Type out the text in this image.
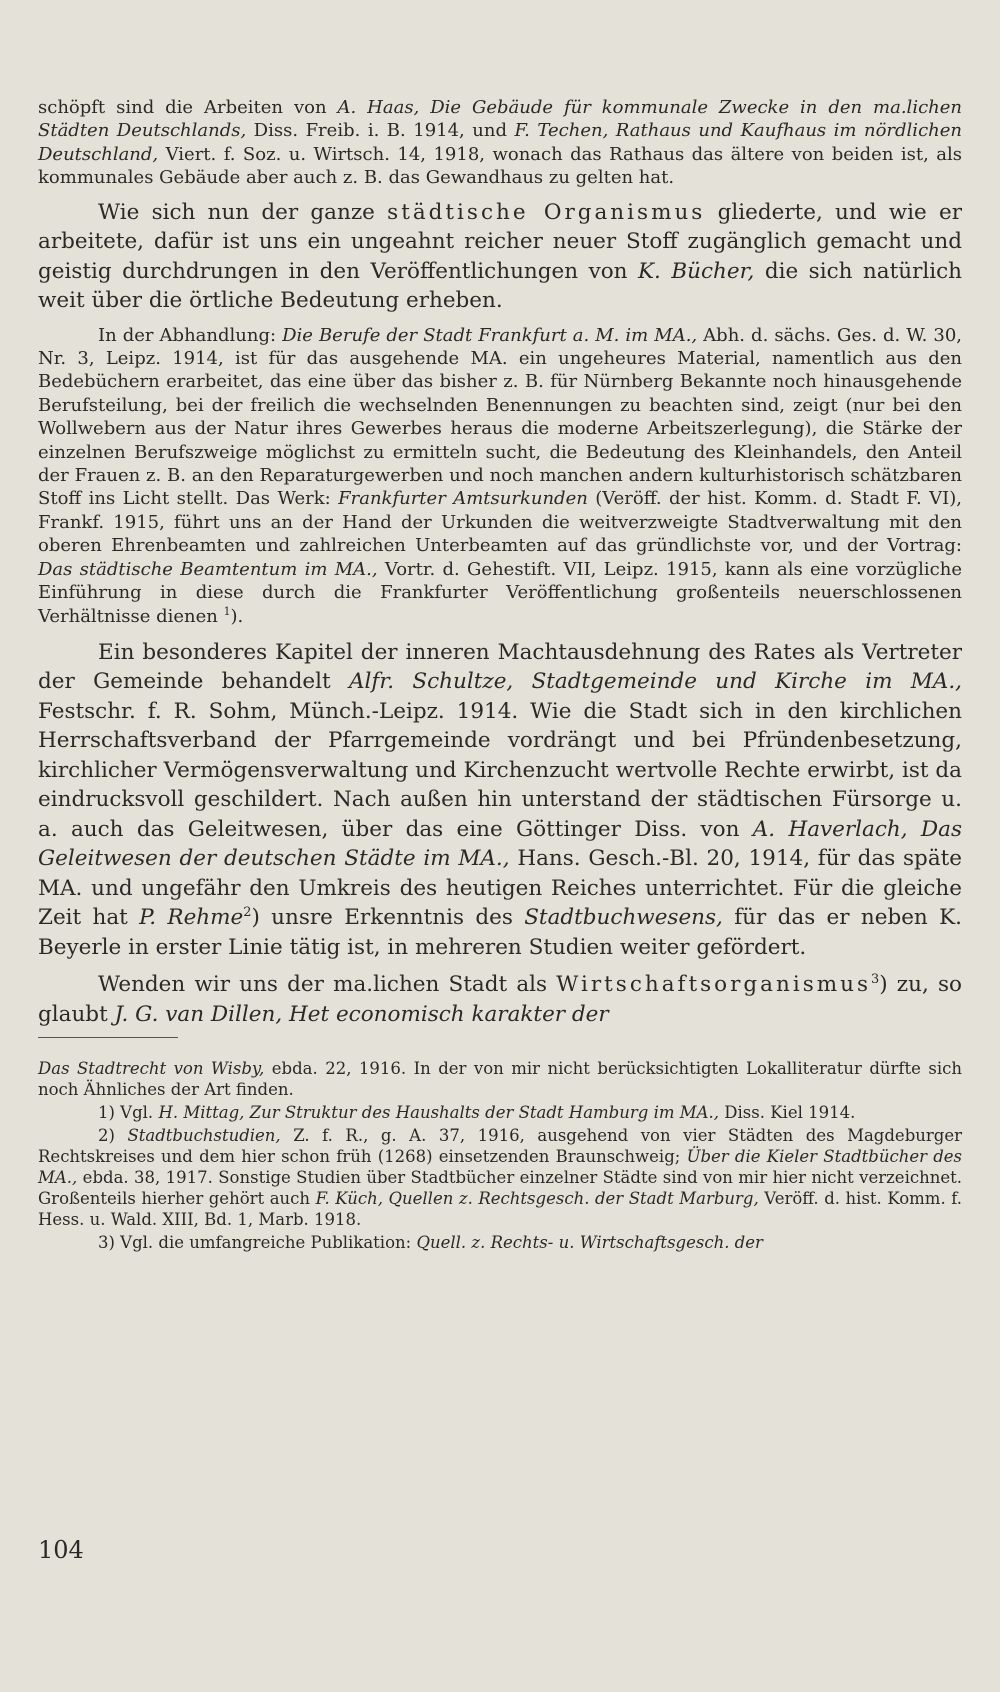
schöpft sind die Arbeiten von A. Haas, Die Gebäude für kommunale Zwecke in den ma.lichen Städten Deutschlands, Diss. Freib. i. B. 1914, und F. Techen, Rathaus und Kaufhaus im nördlichen Deutschland, Viert. f. Soz. u. Wirtsch. 14, 1918, wonach das Rathaus das ältere von beiden ist, als kommunales Gebäude aber auch z. B. das Gewandhaus zu gelten hat.

Wie sich nun der ganze städtische Organismus gliederte, und wie er arbeitete, dafür ist uns ein ungeahnt reicher neuer Stoff zugänglich gemacht und geistig durchdrungen in den Veröffentlichungen von K. Bücher, die sich natürlich weit über die örtliche Bedeutung erheben.

In der Abhandlung: Die Berufe der Stadt Frankfurt a. M. im MA., Abh. d. sächs. Ges. d. W. 30, Nr. 3, Leipz. 1914, ist für das ausgehende MA. ein ungeheures Material, namentlich aus den Bedebüchern erarbeitet, das eine über das bisher z. B. für Nürnberg Bekannte noch hinausgehende Berufsteilung, bei der freilich die wechselnden Benennungen zu beachten sind, zeigt (nur bei den Wollwebern aus der Natur ihres Gewerbes heraus die moderne Arbeitszerlegung), die Stärke der einzelnen Berufszweige möglichst zu ermitteln sucht, die Bedeutung des Kleinhandels, den Anteil der Frauen z. B. an den Reparaturgewerben und noch manchen andern kulturhistorisch schätzbaren Stoff ins Licht stellt. Das Werk: Frankfurter Amtsurkunden (Veröff. der hist. Komm. d. Stadt F. VI), Frankf. 1915, führt uns an der Hand der Urkunden die weitverzweigte Stadtverwaltung mit den oberen Ehrenbeamten und zahlreichen Unterbeamten auf das gründlichste vor, und der Vortrag: Das städtische Beamtentum im MA., Vortr. d. Gehestift. VII, Leipz. 1915, kann als eine vorzügliche Einführung in diese durch die Frankfurter Veröffentlichung großenteils neuerschlossenen Verhältnisse dienen $^1$).

Ein besonderes Kapitel der inneren Machtausdehnung des Rates als Vertreter der Gemeinde behandelt Alfr. Schultze, Stadtgemeinde und Kirche im MA., Festschr. f. R. Sohm, Münch.-Leipz. 1914. Wie die Stadt sich in den kirchlichen Herrschaftsverband der Pfarrgemeinde vordrängt und bei Pfründenbesetzung, kirchlicher Vermögensverwaltung und Kirchenzucht wertvolle Rechte erwirbt, ist da eindrucksvoll geschildert. Nach außen hin unterstand der städtischen Fürsorge u. a. auch das Geleitwesen, über das eine Göttinger Diss. von A. Haverlach, Das Geleitwesen der deutschen Städte im MA., Hans. Gesch.-Bl. 20, 1914, für das späte MA. und ungefähr den Umkreis des heutigen Reiches unterrichtet. Für die gleiche Zeit hat P. Rehme$^2$) unsre Erkenntnis des Stadtbuchwesens, für das er neben K. Beyerle in erster Linie tätig ist, in mehreren Studien weiter gefördert.

Wenden wir uns der ma.lichen Stadt als Wirtschaftsorganismus$^3$) zu, so glaubt J. G. van Dillen, Het economisch karakter der

Das Stadtrecht von Wisby, ebda. 22, 1916. In der von mir nicht berücksichtigten Lokalliteratur dürfte sich noch Ähnliches der Art finden.

1) Vgl. H. Mittag, Zur Struktur des Haushalts der Stadt Hamburg im MA., Diss. Kiel 1914.

2) Stadtbuchstudien, Z. f. R., g. A. 37, 1916, ausgehend von vier Städten des Magdeburger Rechtskreises und dem hier schon früh (1268) einsetzenden Braunschweig; Über die Kieler Stadtbücher des MA., ebda. 38, 1917. Sonstige Studien über Stadtbücher einzelner Städte sind von mir hier nicht verzeichnet. Großenteils hierher gehört auch F. Küch, Quellen z. Rechtsgesch. der Stadt Marburg, Veröff. d. hist. Komm. f. Hess. u. Wald. XIII, Bd. 1, Marb. 1918.

3) Vgl. die umfangreiche Publikation: Quell. z. Rechts- u. Wirtschaftsgesch. der

104
